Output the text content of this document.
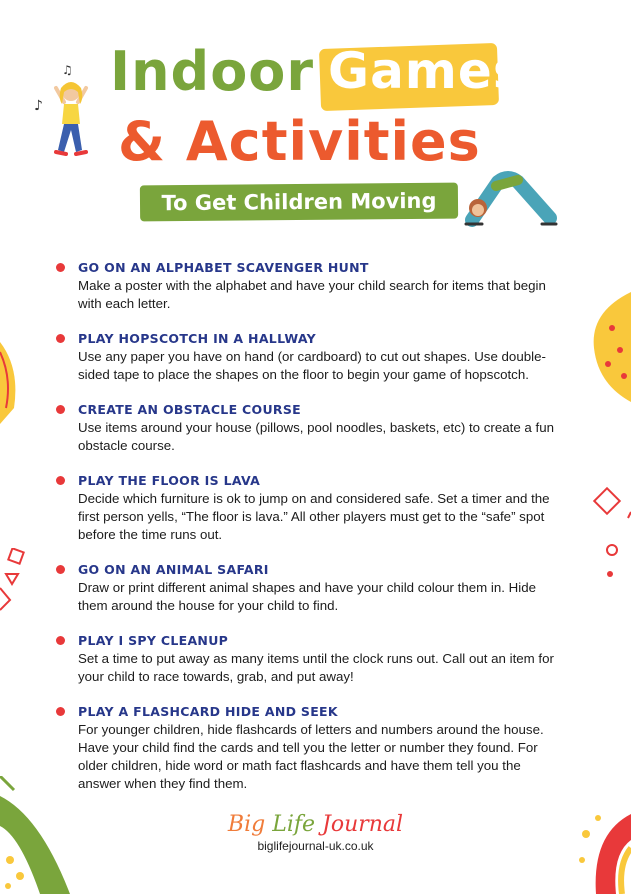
♪
♫ Indoor Games
& Activities
To Get Children Moving
GO ON AN ALPHABET SCAVENGER HUNT
Make a poster with the alphabet and have your child search for items that begin with each letter.
PLAY HOPSCOTCH IN A HALLWAY
Use any paper you have on hand (or cardboard) to cut out shapes. Use double-sided tape to place the shapes on the floor to begin your game of hopscotch.
CREATE AN OBSTACLE COURSE
Use items around your house (pillows, pool noodles, baskets, etc) to create a fun obstacle course.
PLAY THE FLOOR IS LAVA
Decide which furniture is ok to jump on and considered safe. Set a timer and the first person yells, “The floor is lava.” All other players must get to the “safe” spot before the time runs out.
GO ON AN ANIMAL SAFARI
Draw or print different animal shapes and have your child colour them in. Hide them around the house for your child to find.
PLAY I SPY CLEANUP
Set a time to put away as many items until the clock runs out. Call out an item for your child to race towards, grab, and put away!
PLAY A FLASHCARD HIDE AND SEEK
For younger children, hide flashcards of letters and numbers around the house. Have your child find the cards and tell you the letter or number they found. For older children, hide word or math fact flashcards and have them tell you the answer when they find them.
Big Life Journal
biglifejournal-uk.co.uk
